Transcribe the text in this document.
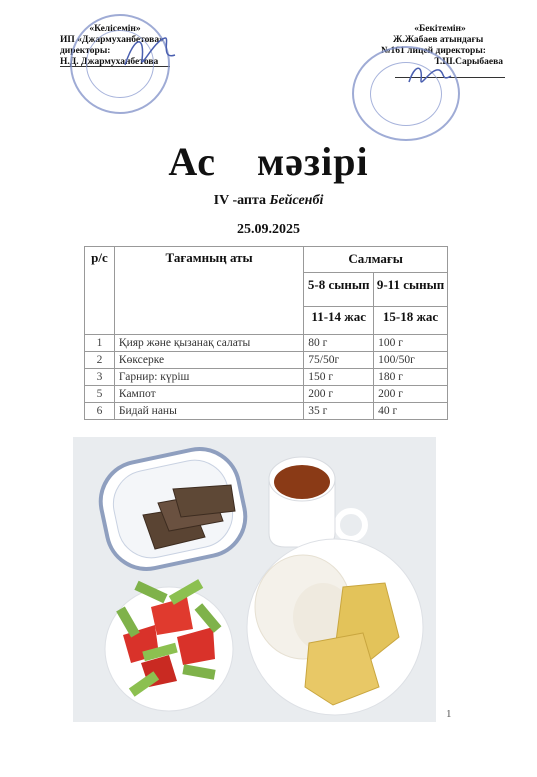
«Келісемін»
ИП «Джармуханбетова»
директоры:
Н.Д. Джармуханбетова
«Бекітемін»
Ж.Жабаев атындағы
№161 лицей директоры:
Т.Ш.Сарыбаева
Ас мәзірі
IV -апта Бейсенбі
25.09.2025
р/с	Тағамның аты	Салмағы	
		5-8 сынып	9-11 сынып
		11-14 жас	15-18 жас
1	Қияр және қызанақ салаты	80 г	100 г
2	Көксерке	75/50г	100/50г
3	Гарнир: күріш	150 г	180 г
5	Кампот	200 г	200 г
6	Бидай наны	35 г	40 г
1
